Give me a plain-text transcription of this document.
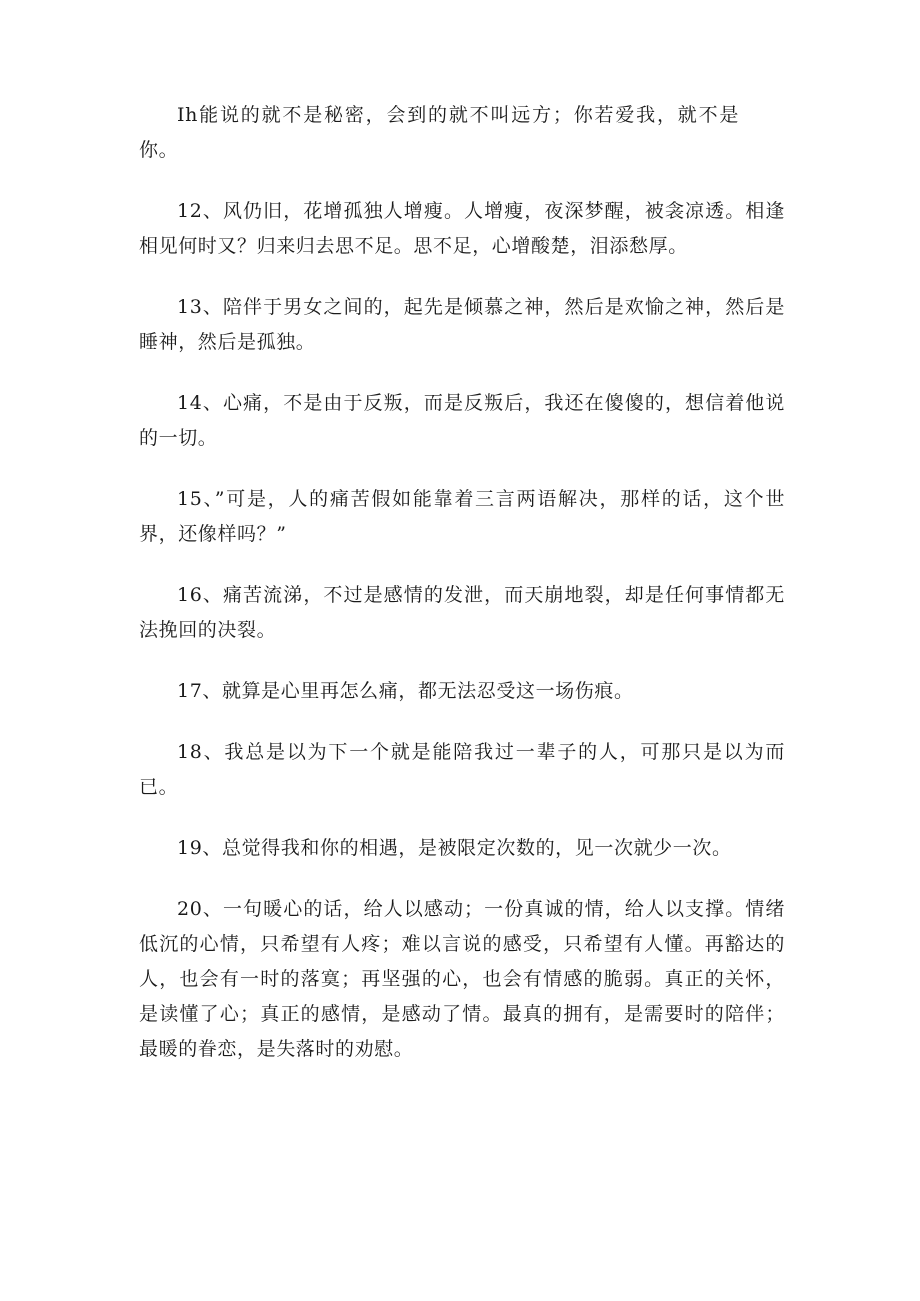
Ih能说的就不是秘密，会到的就不叫远方；你若爱我，就不是你。

12、风仍旧，花增孤独人增瘦。人增瘦，夜深梦醒，被衾凉透。相逢相见何时又？归来归去思不足。思不足，心增酸楚，泪添愁厚。

13、陪伴于男女之间的，起先是倾慕之神，然后是欢愉之神，然后是睡神，然后是孤独。

14、心痛，不是由于反叛，而是反叛后，我还在傻傻的，想信着他说的一切。

15、”可是，人的痛苦假如能靠着三言两语解决，那样的话，这个世界，还像样吗？”

16、痛苦流涕，不过是感情的发泄，而天崩地裂，却是任何事情都无法挽回的决裂。

17、就算是心里再怎么痛，都无法忍受这一场伤痕。

18、我总是以为下一个就是能陪我过一辈子的人，可那只是以为而已。

19、总觉得我和你的相遇，是被限定次数的，见一次就少一次。

20、一句暖心的话，给人以感动；一份真诚的情，给人以支撑。情绪低沉的心情，只希望有人疼；难以言说的感受，只希望有人懂。再豁达的人，也会有一时的落寞；再坚强的心，也会有情感的脆弱。真正的关怀，是读懂了心；真正的感情，是感动了情。最真的拥有，是需要时的陪伴；最暖的眷恋，是失落时的劝慰。
